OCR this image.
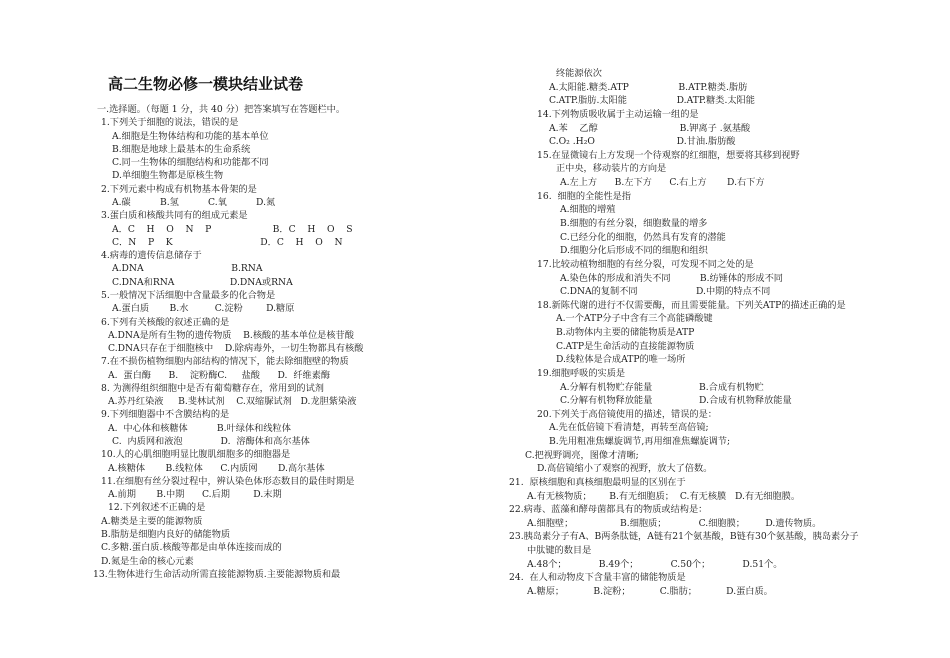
高二生物必修一模块结业试卷
一.选择题。（每题 1 分，共 40 分）把答案填写在答题栏中。
1.下列关于细胞的说法，错误的是
A.细胞是生物体结构和功能的基本单位
B.细胞是地球上最基本的生命系统
C.同一生物体的细胞结构和功能都不同
D.单细胞生物都是原核生物
2.下列元素中构成有机物基本骨架的是
A.碳          B.氢          C.氧          D.氮
3.蛋白质和核酸共同有的组成元素是
A．C    H    O    N    P                     B．C    H    O    S
C．N    P    K                              D．C    H    O    N
4.病毒的遗传信息储存于
A.DNA                              B.RNA
C.DNA和RNA                   D.DNA或RNA
5.一般情况下活细胞中含量最多的化合物是
A.蛋白质       B.水         C.淀粉        D.糖原
6.下列有关核酸的叙述正确的是
A.DNA是所有生物的遗传物质    B.核酸的基本单位是核苷酸
C.DNA只存在于细胞核中    D.除病毒外，一切生物都具有核酸
7.在不损伤植物细胞内部结构的情况下，能去除细胞壁的物质
A.  蛋白酶      B.    淀粉酶C.     盐酸      D.  纤维素酶
8. 为测得组织细胞中是否有葡萄糖存在，常用到的试剂
A.苏丹红染液     B.斐林试剂    C.双缩脲试剂   D.龙胆紫染液
9.下列细胞器中不含膜结构的是
A.  中心体和核糖体          B.叶绿体和线粒体
C.  内质网和液泡             D.  溶酶体和高尔基体
10.人的心肌细胞明显比腹肌细胞多的细胞器是
A.核糖体       B.线粒体      C.内质网       D.高尔基体
11.在细胞有丝分裂过程中，辨认染色体形态数目的最佳时期是
A.前期       B.中期      C.后期        D.末期
12.下列叙述不正确的是
A.糖类是主要的能源物质
B.脂肪是细胞内良好的储能物质
C.多糖.蛋白质.核酸等都是由单体连接而成的
D.氮是生命的核心元素
13.生物体进行生命活动所需直接能源物质.主要能源物质和最
终能源依次
A.太阳能.糖类.ATP                 B.ATP.糖类.脂肪
C.ATP.脂肪.太阳能                 D.ATP.糖类.太阳能
14.下列物质吸收属于主动运输一组的是
A.苯    乙醇                            B.钾离子 .氨基酸
C.O₂ .H₂O                            D.甘油.脂肪酸
15.在显微镜右上方发现一个待观察的红细胞，想要将其移到视野
正中央，移动装片的方向是
A.左上方      B.左下方      C.右上方       D.右下方
16.  细胞的全能性是指
A.细胞的增殖
B.细胞的有丝分裂，细胞数量的增多
C.已经分化的细胞，仍然具有发育的潜能
D.细胞分化后形成不同的细胞和组织
17.比较动植物细胞的有丝分裂，可发现不同之处的是
A.染色体的形成和消失不同          B.纺锤体的形成不同
C.DNA的复制不同                    D.中期的特点不同
18.新陈代谢的进行不仅需要酶，而且需要能量。下列关ATP的描述正确的是
A.一个ATP分子中含有三个高能磷酸键
B.动物体内主要的储能物质是ATP
C.ATP是生命活动的直接能源物质
D.线粒体是合成ATP的唯一场所
19.细胞呼吸的实质是
A.分解有机物贮存能量                B.合成有机物贮
C.分解有机物释放能量                D.合成有机物释放能量
20.下列关于高倍镜使用的描述，错误的是：
A.先在低倍镜下看清楚，再转至高倍镜;
B.先用粗准焦螺旋调节,再用细准焦螺旋调节;
C.把视野调亮，图像才清晰;
D.高倍镜缩小了观察的视野，放大了倍数。
21.  原核细胞和真核细胞最明显的区别在于
A.有无核物质；      B.有无细胞质；  C.有无核膜   D.有无细胞膜。
22.病毒、蓝藻和酵母菌都具有的物质或结构是：
A.细胞壁；                B.细胞质；           C.细胞膜；       D.遗传物质。
23.胰岛素分子有A、B两条肽链，A链有21个氨基酸，B链有30个氨基酸，胰岛素分子
中肽键的数目是
A.48个；           B.49个；           C.50个；           D.51个。
24.  在人和动物皮下含量丰富的储能物质是
A.糖原；          B.淀粉；          C.脂肪；          D.蛋白质。
